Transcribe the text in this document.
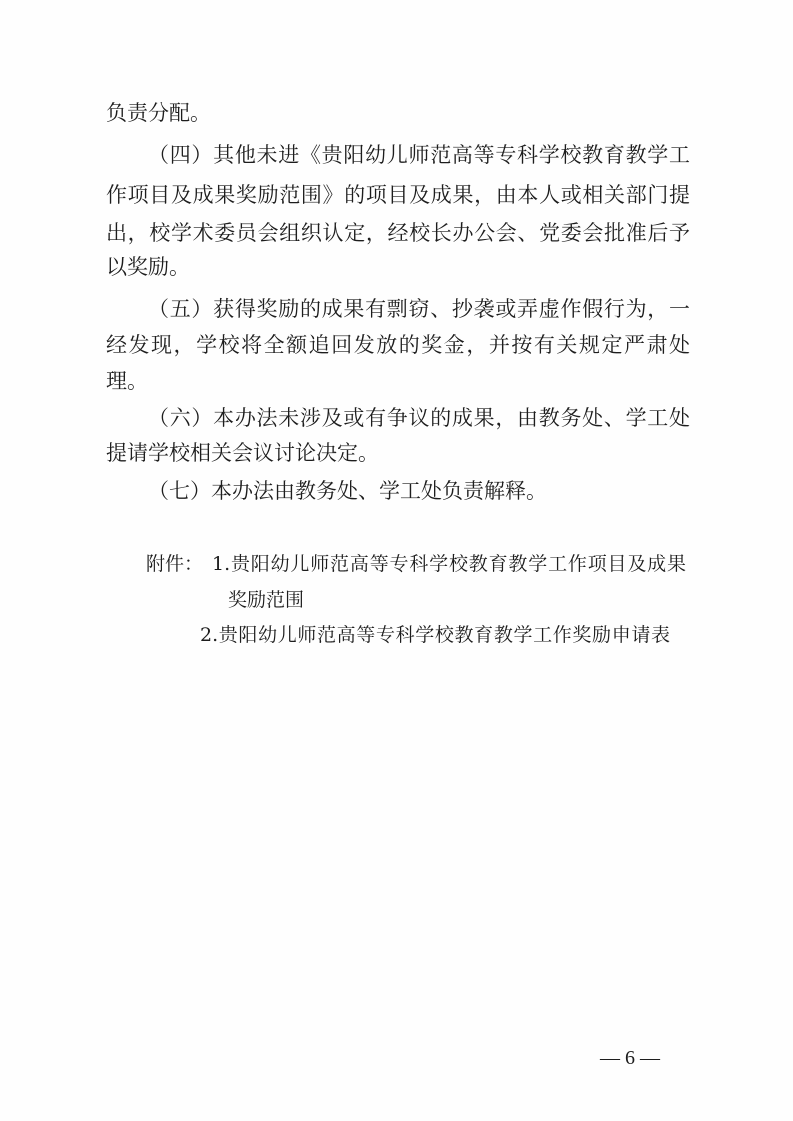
负责分配。
（四）其他未进《贵阳幼儿师范高等专科学校教育教学工
作项目及成果奖励范围》的项目及成果，由本人或相关部门提
出，校学术委员会组织认定，经校长办公会、党委会批准后予
以奖励。
（五）获得奖励的成果有剽窃、抄袭或弄虚作假行为，一
经发现，学校将全额追回发放的奖金，并按有关规定严肃处
理。
（六）本办法未涉及或有争议的成果，由教务处、学工处
提请学校相关会议讨论决定。
（七）本办法由教务处、学工处负责解释。
附件： 1.贵阳幼儿师范高等专科学校教育教学工作项目及成果
奖励范围
2.贵阳幼儿师范高等专科学校教育教学工作奖励申请表
— 6 —
